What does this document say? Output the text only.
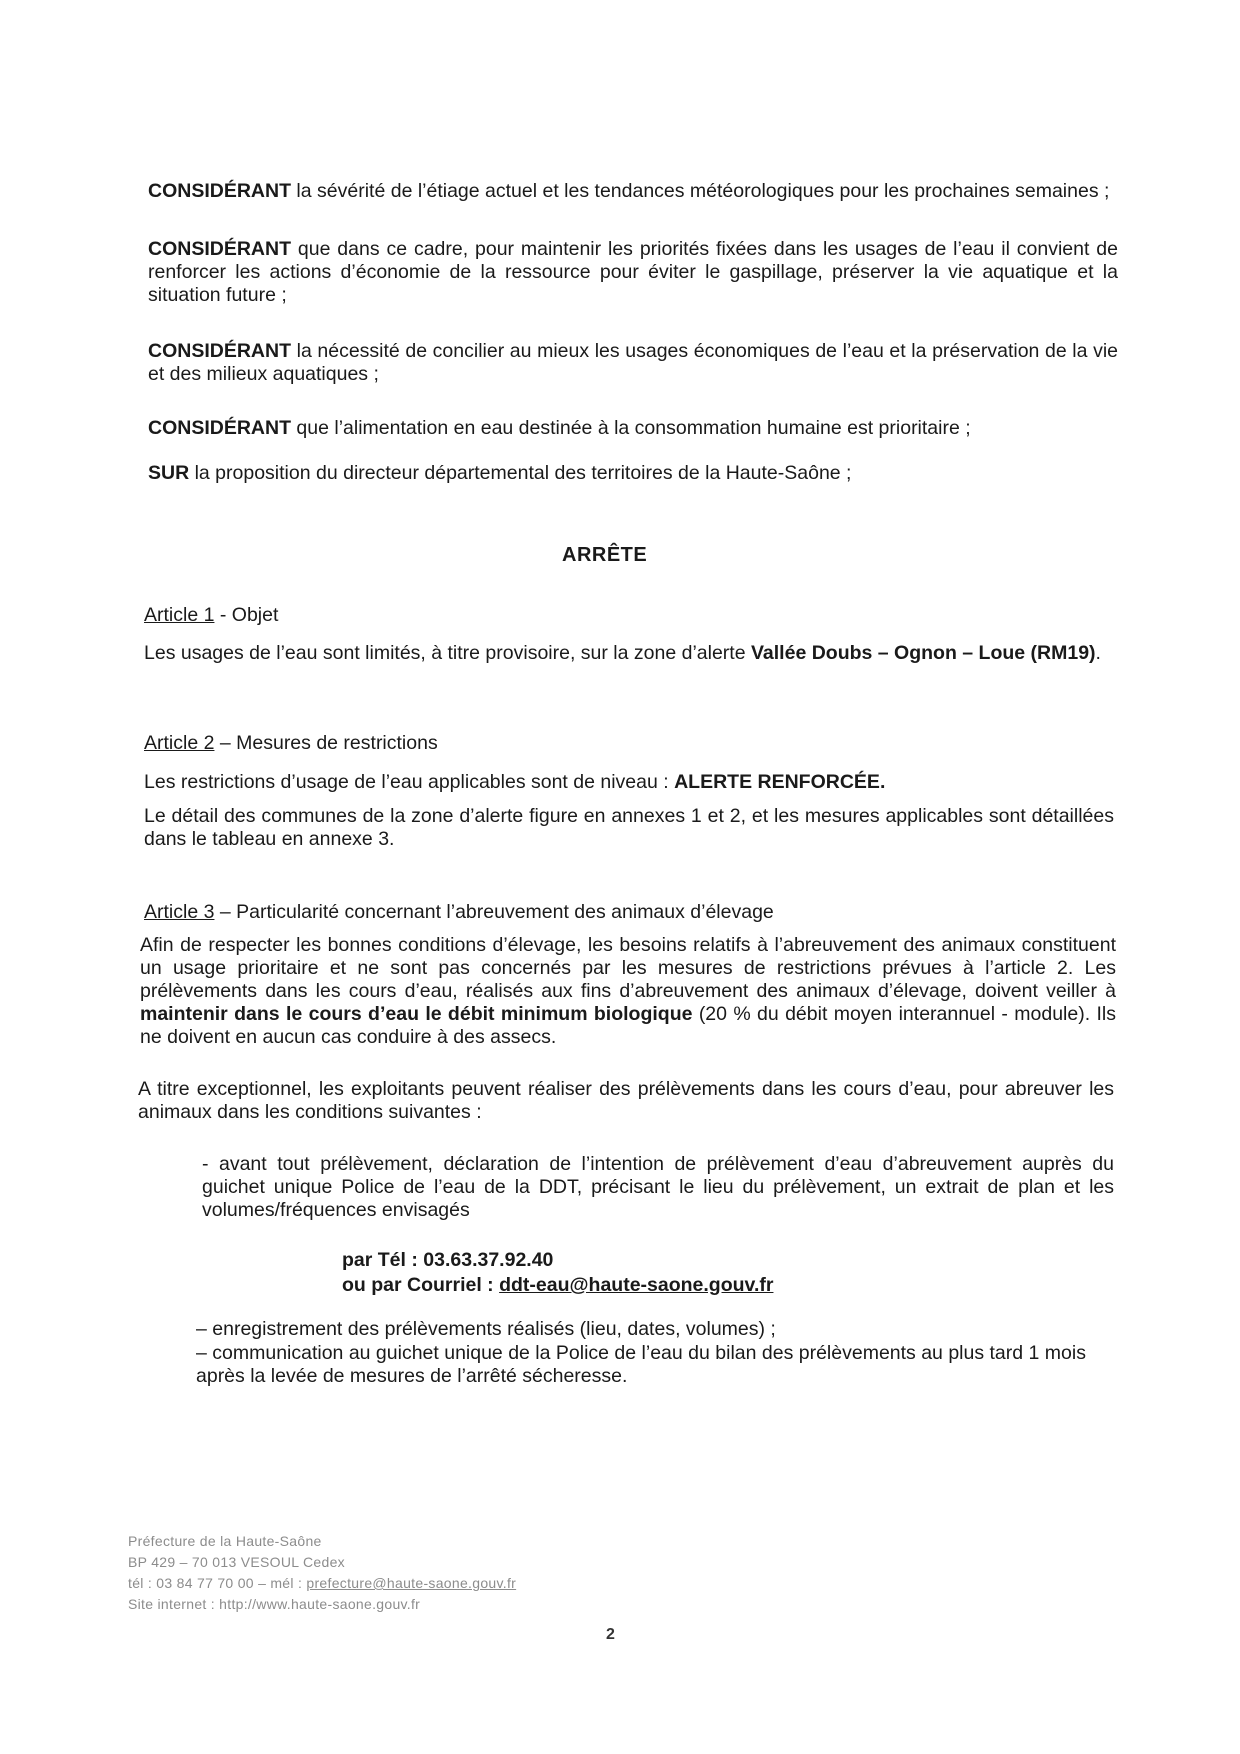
CONSIDÉRANT la sévérité de l’étiage actuel et les tendances météorologiques pour les prochaines semaines ;

CONSIDÉRANT que dans ce cadre, pour maintenir les priorités fixées dans les usages de l’eau il convient de renforcer les actions d’économie de la ressource pour éviter le gaspillage, préserver la vie aquatique et la situation future ;

CONSIDÉRANT la nécessité de concilier au mieux les usages économiques de l’eau et la préservation de la vie et des milieux aquatiques ;

CONSIDÉRANT que l’alimentation en eau destinée à la consommation humaine est prioritaire ;

SUR la proposition du directeur départemental des territoires de la Haute-Saône ;

ARRÊTE
Article 1 - Objet

Les usages de l’eau sont limités, à titre provisoire, sur la zone d’alerte Vallée Doubs – Ognon – Loue (RM19).

Article 2 – Mesures de restrictions

Les restrictions d’usage de l’eau applicables sont de niveau : ALERTE RENFORCÉE.

Le détail des communes de la zone d’alerte figure en annexes 1 et 2, et les mesures applicables sont détaillées dans le tableau en annexe 3.

Article 3 – Particularité concernant l’abreuvement des animaux d’élevage

Afin de respecter les bonnes conditions d’élevage, les besoins relatifs à l’abreuvement des animaux constituent un usage prioritaire et ne sont pas concernés par les mesures de restrictions prévues à l’article 2. Les prélèvements dans les cours d’eau, réalisés aux fins d’abreuvement des animaux d’élevage, doivent veiller à maintenir dans le cours d’eau le débit minimum biologique (20 % du débit moyen interannuel - module). Ils ne doivent en aucun cas conduire à des assecs.

A titre exceptionnel, les exploitants peuvent réaliser des prélèvements dans les cours d’eau, pour abreuver les animaux dans les conditions suivantes :

- avant tout prélèvement, déclaration de l’intention de prélèvement d’eau d’abreuvement auprès du guichet unique Police de l’eau de la DDT, précisant le lieu du prélèvement, un extrait de plan et les volumes/fréquences envisagés

par Tél : 03.63.37.92.40
ou par Courriel : ddt-eau@haute-saone.gouv.fr

– enregistrement des prélèvements réalisés (lieu, dates, volumes) ;

– communication au guichet unique de la Police de l’eau du bilan des prélèvements au plus tard 1 mois après la levée de mesures de l’arrêté sécheresse.

Préfecture de la Haute-Saône
BP 429 – 70 013 VESOUL Cedex
tél : 03 84 77 70 00 – mél : prefecture@haute-saone.gouv.fr
Site internet : http://www.haute-saone.gouv.fr
2
